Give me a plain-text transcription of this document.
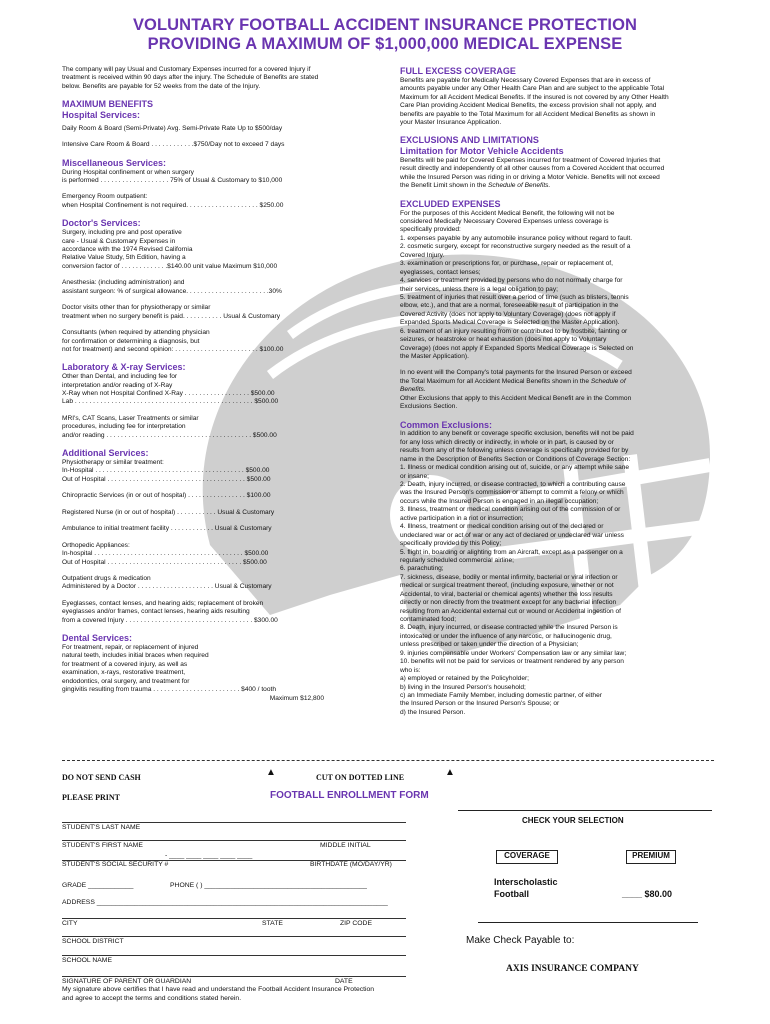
VOLUNTARY FOOTBALL ACCIDENT INSURANCE PROTECTION
PROVIDING A MAXIMUM OF $1,000,000 MEDICAL EXPENSE

The company will pay Usual and Customary Expenses incurred for a covered Injury if
treatment is received within 90 days after the injury. The Schedule of Benefits are stated
below. Benefits are payable for 52 weeks from the date of the Injury.

MAXIMUM BENEFITS
Hospital Services:

Daily Room & Board (Semi-Private) Avg. Semi-Private Rate Up to $500/day

Intensive Care Room & Board . . . . . . . . . . . .$750/Day not to exceed 7 days

Miscellaneous Services:

During Hospital confinement or when surgery
is performed . . . . . . . . . . . . . . . . . . . 75% of Usual & Customary to $10,000

Emergency Room outpatient:
when Hospital Confinement is not required. . . . . . . . . . . . . . . . . . . . $250.00

Doctor's Services:

Surgery, including pre and post operative
care - Usual & Customary Expenses in
accordance with the 1974 Revised California
Relative Value Study, 5th Edition, having a
conversion factor of . . . . . . . . . . . . .$140.00 unit value Maximum $10,000

Anesthesia: (including administration) and
assistant surgeon: % of surgical allowance. . . . . . . . . . . . . . . . . . . . . . .30%

Doctor visits other than for physiotherapy or similar
treatment when no surgery benefit is paid. . . . . . . . . . . Usual & Customary

Consultants (when required by attending physician
for confirmation or determining a diagnosis, but
not for treatment) and second opinion: . . . . . . . . . . . . . . . . . . . . . . . $100.00

Laboratory & X-ray Services:

Other than Dental, and including fee for
interpretation and/or reading of X-Ray
X-Ray when not Hospital Confined X-Ray . . . . . . . . . . . . . . . . . . $500.00
Lab . . . . . . . . . . . . . . . . . . . . . . . . . . . . . . . . . . . . . . . . . . . . . . . . . $500.00

MRI's, CAT Scans, Laser Treatments or similar
procedures, including fee for interpretation
and/or reading . . . . . . . . . . . . . . . . . . . . . . . . . . . . . . . . . . . . . . . . $500.00

Additional Services:

Physiotherapy or similar treatment:
In-Hospital . . . . . . . . . . . . . . . . . . . . . . . . . . . . . . . . . . . . . . . . . $500.00
Out of Hospital . . . . . . . . . . . . . . . . . . . . . . . . . . . . . . . . . . . . . . $500.00

Chiropractic Services (in or out of hospital) . . . . . . . . . . . . . . . . $100.00

Registered Nurse (in or out of hospital) . . . . . . . . . . . Usual & Customary

Ambulance to initial treatment facility . . . . . . . . . . . . Usual & Customary

Orthopedic Appliances:
In-hospital . . . . . . . . . . . . . . . . . . . . . . . . . . . . . . . . . . . . . . . . . $500.00
Out of Hospital . . . . . . . . . . . . . . . . . . . . . . . . . . . . . . . . . . . . . $500.00

Outpatient drugs & medication
Administered by a Doctor . . . . . . . . . . . . . . . . . . . . . Usual & Customary

Eyeglasses, contact lenses, and hearing aids; replacement of broken
eyeglasses and/or frames, contact lenses, hearing aids resulting
from a covered Injury . . . . . . . . . . . . . . . . . . . . . . . . . . . . . . . . . . . $300.00

Dental Services:

For treatment, repair, or replacement of injured
natural teeth, includes initial braces when required
for treatment of a covered injury, as well as
examination, x-rays, restorative treatment,
endodontics, oral surgery, and treatment for
gingivitis resulting from trauma . . . . . . . . . . . . . . . . . . . . . . . . $400 / tooth

Maximum $12,800

FULL EXCESS COVERAGE

Benefits are payable for Medically Necessary Covered Expenses that are in excess of
amounts payable under any Other Health Care Plan and are subject to the applicable Total
Maximum for all Accident Medical Benefits. If the insured is not covered by any Other Health
Care Plan providing Accident Medical Benefits, the excess provision shall not apply, and
benefits are payable to the Total Maximum for all Accident Medical Benefits as shown in
your Master Insurance Application.

EXCLUSIONS AND LIMITATIONS
Limitation for Motor Vehicle Accidents

Benefits will be paid for Covered Expenses incurred for treatment of Covered Injuries that
result directly and independently of all other causes from a Covered Accident that occurred
while the Insured Person was riding in or driving a Motor Vehicle. Benefits will not exceed
the Benefit Limit shown in the Schedule of Benefits.

EXCLUDED EXPENSES

For the purposes of this Accident Medical Benefit, the following will not be
considered Medically Necessary Covered Expenses unless coverage is
specifically provided:
1. expenses payable by any automobile insurance policy without regard to fault.
2. cosmetic surgery, except for reconstructive surgery needed as the result of a
Covered Injury.
3. examination or prescriptions for, or purchase, repair or replacement of,
eyeglasses, contact lenses;
4. services or treatment provided by persons who do not normally charge for
their services, unless there is a legal obligation to pay;
5. treatment of injuries that result over a period of time (such as blisters, tennis
elbow, etc.), and that are a normal, foreseeable result of participation in the
Covered Activity (does not apply to Voluntary Coverage) (does not apply if
Expanded Sports Medical Coverage is Selected on the Master Application).
6. treatment of an injury resulting from or contributed to by frostbite, fainting or
seizures, or heatstroke or heat exhaustion (does not apply to Voluntary
Coverage) (does not apply if Expanded Sports Medical Coverage is Selected on
the Master Application).

In no event will the Company's total payments for the Insured Person or exceed
the Total Maximum for all Accident Medical Benefits shown in the Schedule of
Benefits.
Other Exclusions that apply to this Accident Medical Benefit are in the Common
Exclusions Section.

Common Exclusions:

In addition to any benefit or coverage specific exclusion, benefits will not be paid
for any loss which directly or indirectly, in whole or in part, is caused by or
results from any of the following unless coverage is specifically provided for by
name in the Description of Benefits Section or Conditions of Coverage Section:
1. Illness or medical condition arising out of, suicide, or any attempt while sane
or insane;
2. Death, injury incurred, or disease contracted, to which a contributing cause
was the Insured Person's commission or attempt to commit a felony or which
occurs while the Insured Person is engaged in an illegal occupation;
3. Illness, treatment or medical condition arising out of the commission of or
active participation in a riot or insurrection;
4. Illness, treatment or medical condition arising out of the declared or
undeclared war or act of war or any act of declared or undeclared war unless
specifically provided by this Policy;
5. flight in, boarding or alighting from an Aircraft, except as a passenger on a
regularly scheduled commercial airline;
6. parachuting;
7. sickness, disease, bodily or mental infirmity, bacterial or viral infection or
medical or surgical treatment thereof, (including exposure, whether or not
Accidental, to viral, bacterial or chemical agents) whether the loss results
directly or non directly from the treatment except for any bacterial infection
resulting from an Accidental external cut or wound or Accidental ingestion of
contaminated food;
8. Death, injury incurred, or disease contracted while the Insured Person is
intoxicated or under the influence of any narcotic, or hallucinogenic drug,
unless prescribed or taken under the direction of a Physician;
9. injuries compensable under Workers' Compensation law or any similar law;
10. benefits will not be paid for services or treatment rendered by any person
who is:
a) employed or retained by the Policyholder;
b) living in the Insured Person's household;
c) an Immediate Family Member, including domestic partner, of either
the Insured Person or the Insured Person's Spouse; or
d) the Insured Person.

DO NOT SEND CASH	▲	CUT ON DOTTED LINE	▲
PLEASE PRINT	FOOTBALL ENROLLMENT FORM
STUDENT'S LAST NAME
STUDENT'S FIRST NAME	MIDDLE INITIAL
- ____ ____ ____ ____ ____
STUDENT'S SOCIAL SECURITY #	BIRTHDATE (MO/DAY/YR)
GRADE ____________	PHONE ( ) ___________________________________________
ADDRESS _____________________________________________________________________________
CITY	STATE	ZIP CODE
SCHOOL DISTRICT
SCHOOL NAME
SIGNATURE OF PARENT OR GUARDIAN	DATE
My signature above certifies that I have read and understand the Football Accident Insurance Protection
and agree to accept the terms and conditions stated herein.
CHECK YOUR SELECTION
COVERAGE	PREMIUM
Interscholastic
Football	____ $80.00
Make Check Payable to:
AXIS INSURANCE COMPANY
